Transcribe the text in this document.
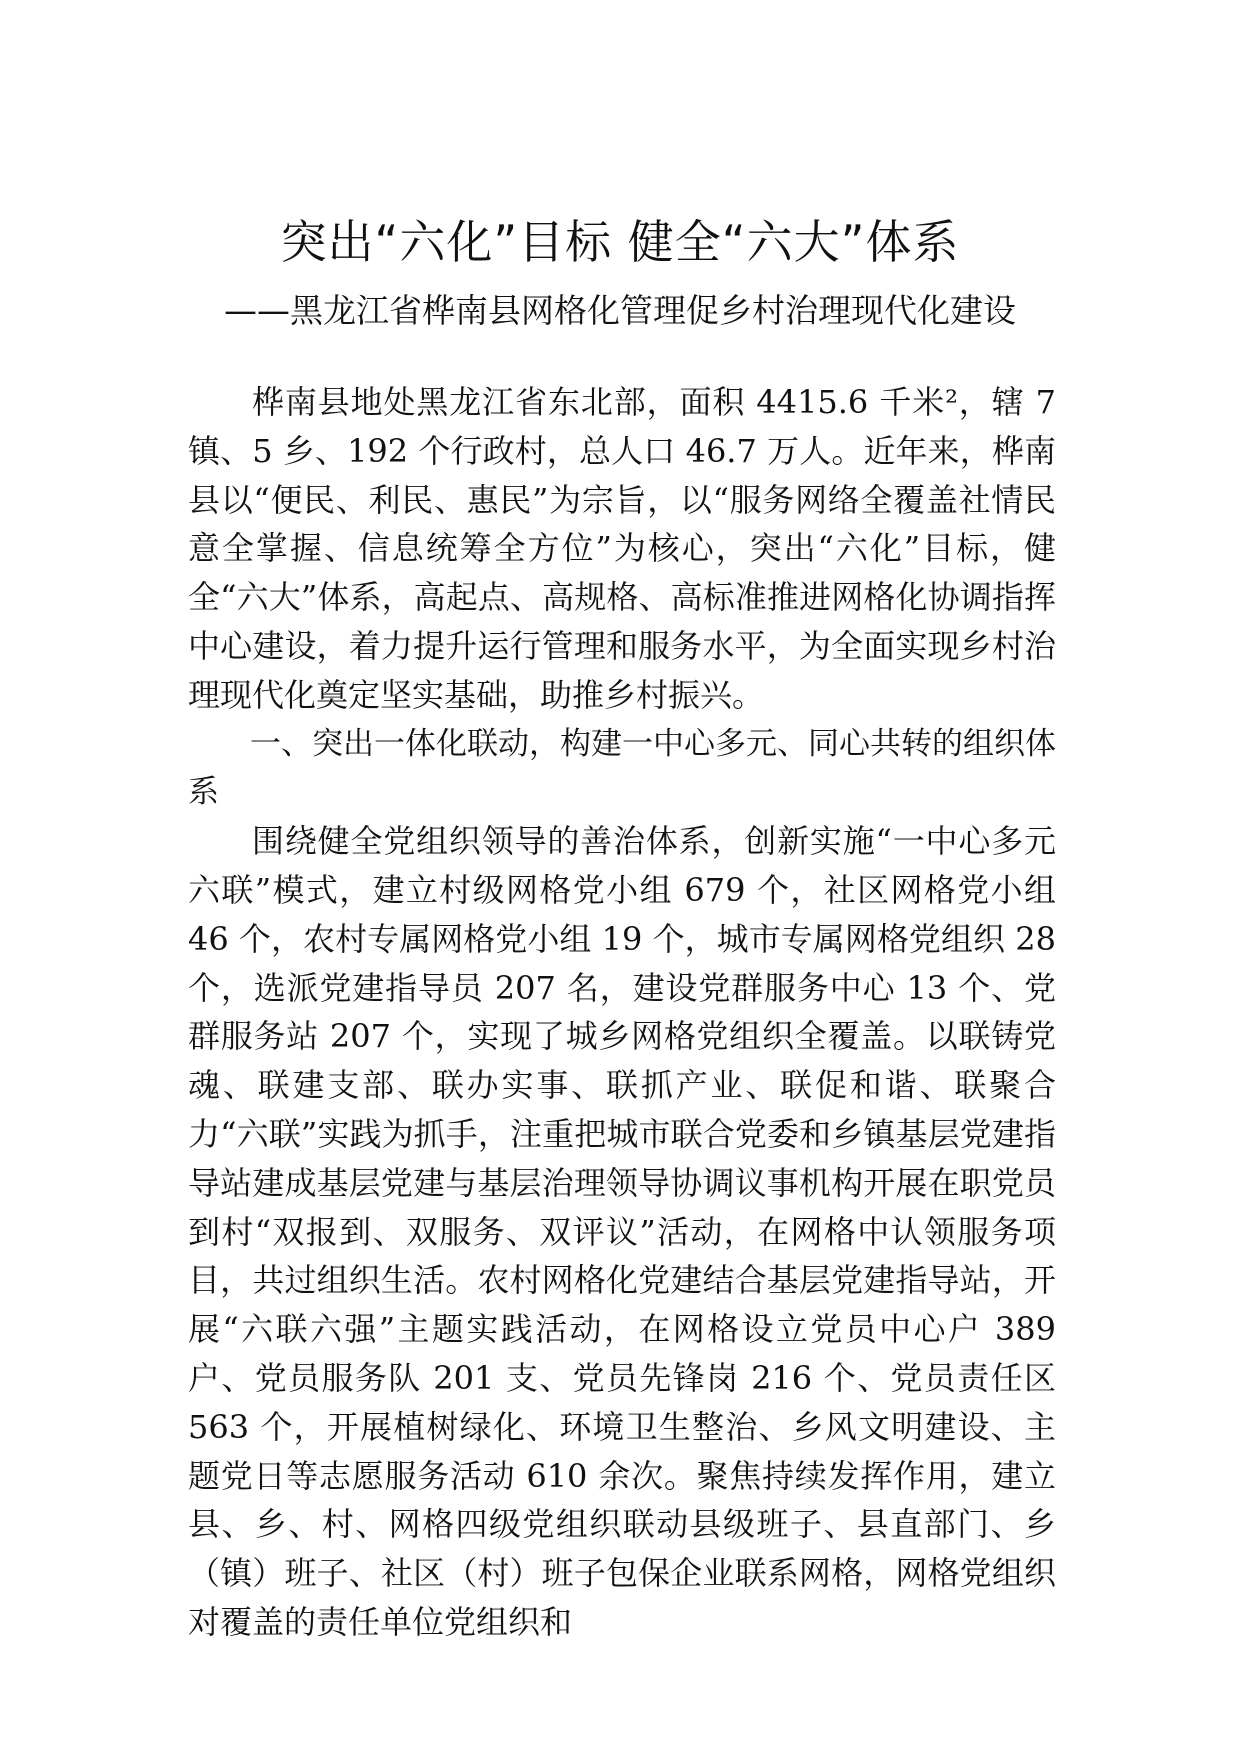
突出“六化”目标 健全“六大”体系
——黑龙江省桦南县网格化管理促乡村治理现代化建设

桦南县地处黑龙江省东北部，面积 4415.6 千米²，辖 7 镇、5 乡、192 个行政村，总人口 46.7 万人。近年来，桦南县以“便民、利民、惠民”为宗旨，以“服务网络全覆盖社情民意全掌握、信息统筹全方位”为核心，突出“六化”目标，健全“六大”体系，高起点、高规格、高标准推进网格化协调指挥中心建设，着力提升运行管理和服务水平，为全面实现乡村治理现代化奠定坚实基础，助推乡村振兴。

一、突出一体化联动，构建一中心多元、同心共转的组织体系

围绕健全党组织领导的善治体系，创新实施“一中心多元六联”模式，建立村级网格党小组 679 个，社区网格党小组 46 个，农村专属网格党小组 19 个，城市专属网格党组织 28 个，选派党建指导员 207 名，建设党群服务中心 13 个、党群服务站 207 个，实现了城乡网格党组织全覆盖。以联铸党魂、联建支部、联办实事、联抓产业、联促和谐、联聚合力“六联”实践为抓手，注重把城市联合党委和乡镇基层党建指导站建成基层党建与基层治理领导协调议事机构开展在职党员到村“双报到、双服务、双评议”活动，在网格中认领服务项目，共过组织生活。农村网格化党建结合基层党建指导站，开展“六联六强”主题实践活动，在网格设立党员中心户 389 户、党员服务队 201 支、党员先锋岗 216 个、党员责任区 563 个，开展植树绿化、环境卫生整治、乡风文明建设、主题党日等志愿服务活动 610 余次。聚焦持续发挥作用，建立县、乡、村、网格四级党组织联动县级班子、县直部门、乡（镇）班子、社区（村）班子包保企业联系网格，网格党组织对覆盖的责任单位党组织和
